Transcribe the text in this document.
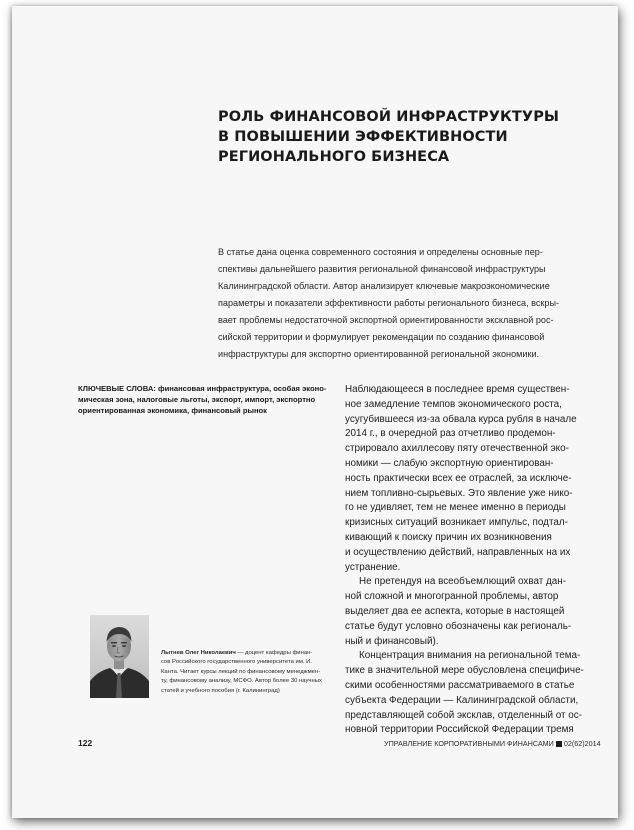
РОЛЬ ФИНАНСОВОЙ ИНФРАСТРУКТУРЫ
В ПОВЫШЕНИИ ЭФФЕКТИВНОСТИ
РЕГИОНАЛЬНОГО БИЗНЕСА

В статье дана оценка современного состояния и определены основные пер-
спективы дальнейшего развития региональной финансовой инфраструктуры
Калининградской области. Автор анализирует ключевые макроэкономические
параметры и показатели эффективности работы регионального бизнеса, вскры-
вает проблемы недостаточной экспортной ориентированности эксклавной рос-
сийской территории и формулирует рекомендации по созданию финансовой
инфраструктуры для экспортно ориентированной региональной экономики.

КЛЮЧЕВЫЕ СЛОВА: финансовая инфраструктура, особая эконо-
мическая зона, налоговые льготы, экспорт, импорт, экспортно
ориентированная экономика, финансовый рынок

Наблюдающееся в последнее время существен-
ное замедление темпов экономического роста,
усугубившееся из-за обвала курса рубля в начале
2014 г., в очередной раз отчетливо продемон-
стрировало ахиллесову пяту отечественной эко-
номики — слабую экспортную ориентирован-
ность практически всех ее отраслей, за исключе-
нием топливно-сырьевых. Это явление уже нико-
го не удивляет, тем не менее именно в периоды
кризисных ситуаций возникает импульс, подтал-
кивающий к поиску причин их возникновения
и осуществлению действий, направленных на их
устранение.
Не претендуя на всеобъемлющий охват дан-
ной сложной и многогранной проблемы, автор
выделяет два ее аспекта, которые в настоящей
статье будут условно обозначены как региональ-
ный и финансовый).
Концентрация внимания на региональной тема-
тике в значительной мере обусловлена специфиче-
скими особенностями рассматриваемого в статье
субъекта Федерации — Калининградской области,
представляющей собой эксклав, отделенный от ос-
новной территории Российской Федерации тремя

Лытнев Олег Николаевич — доцент кафедры финан-
сов Российского государственного университета им. И.
Канта. Читает курсы лекций по финансовому менеджмен-
ту, финансовому анализу, МСФО. Автор более 30 научных
статей и учебного пособия (г. Калининград)

122	УПРАВЛЕНИЕ КОРПОРАТИВНЫМИ ФИНАНСАМИ 02(62)2014
